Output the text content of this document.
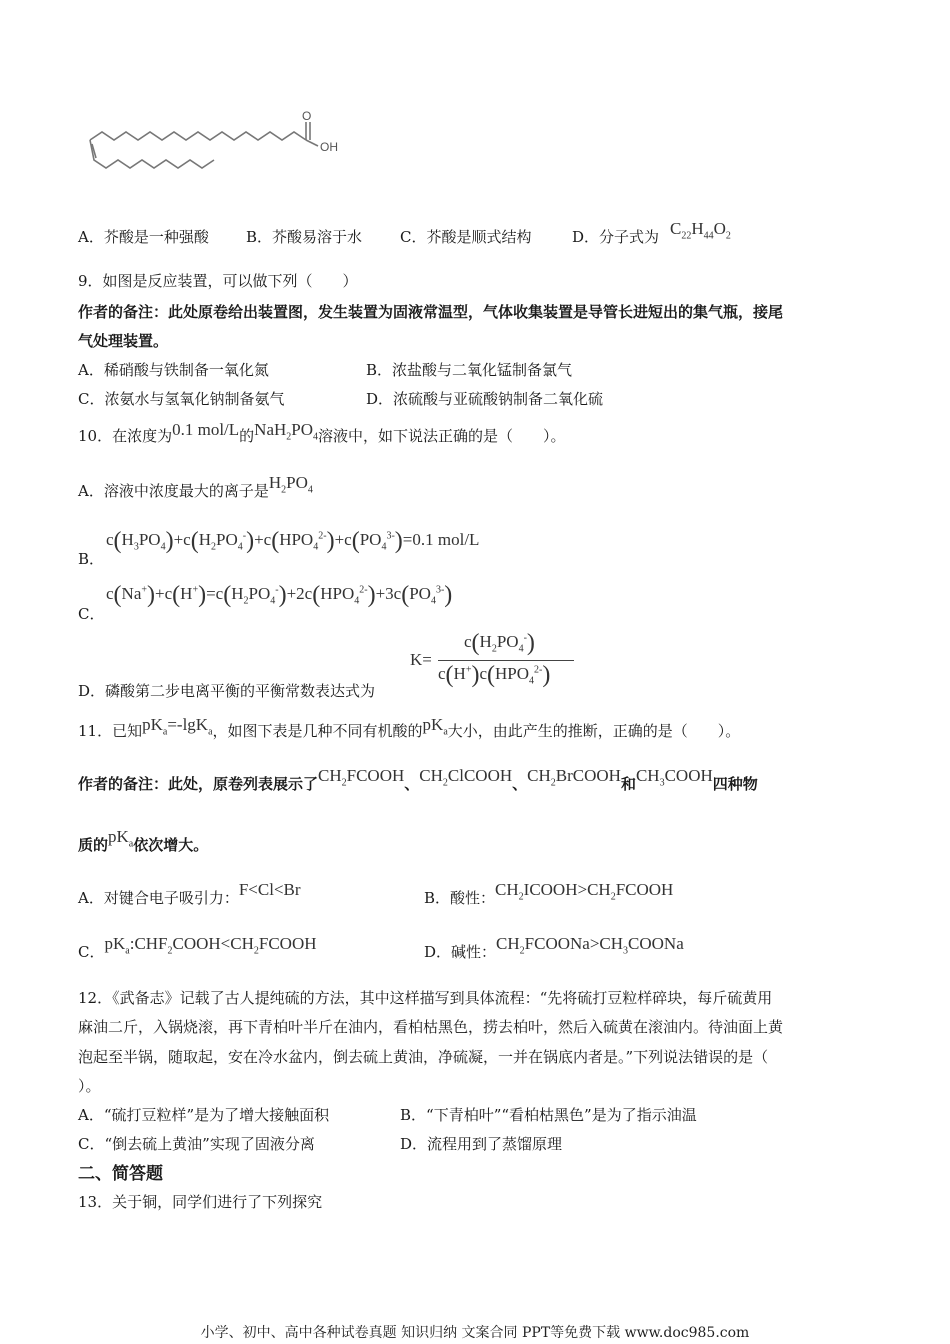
O
OH
A．芥酸是一种强酸 B．芥酸易溶于水	C．芥酸是顺式结构	D．分子式为 $C_{22}H_{44}O_2$
9．如图是反应装置，可以做下列（　　）
作者的备注：此处原卷给出装置图，发生装置为固液常温型，气体收集装置是导管长进短出的集气瓶，接尾
气处理装置。
A．稀硝酸与铁制备一氧化氮	B．浓盐酸与二氧化锰制备氯气
C．浓氨水与氢氧化钠制备氨气	D．浓硫酸与亚硫酸钠制备二氧化硫
10．在浓度为0.1 mol/L的$NaH_2PO_4$溶液中，如下说法正确的是（　　）。
A．溶液中浓度最大的离子是$H_2PO_4$
B．
$c(H_3PO_4)+c(H_2PO_4^-)+c(HPO_4^{2-})+c(PO_4^{3-})=0.1$ mol/L
C．
$c(Na^+)+c(H^+)=c(H_2PO_4^-)+2c(HPO_4^{2-})+3c(PO_4^{3-})$
D．磷酸第二步电离平衡的平衡常数表达式为
K=
$c(H_2PO_4^-)$
$c(H^+)c(HPO_4^{2-})$
11．已知$pK_a=-\lg K_a$，如图下表是几种不同有机酸的$pK_a$大小，由此产生的推断，正确的是（　　）。
作者的备注：此处，原卷列表展示了$CH_2FCOOH$、$CH_2ClCOOH$、$CH_2BrCOOH$和$CH_3COOH$四种物
质的$pK_a$依次增大。
A．对键合电子吸引力：F<Cl<Br	B．酸性：$CH_2ICOOH>CH_2FCOOH$
C．$pK_a:CHF_2COOH<CH_2FCOOH$	D．碱性：$CH_2FCOONa>CH_3COONa$
12．《武备志》记载了古人提纯硫的方法，其中这样描写到具体流程：“先将硫打豆粒样碎块，每斤硫黄用
麻油二斤，入锅烧滚，再下青柏叶半斤在油内，看柏枯黑色，捞去柏叶，然后入硫黄在滚油内。待油面上黄
泡起至半锅，随取起，安在冷水盆内，倒去硫上黄油，净硫凝，一并在锅底内者是。”下列说法错误的是（
）。
A．“硫打豆粒样”是为了增大接触面积	B．“下青柏叶”“看柏枯黑色”是为了指示油温
C．“倒去硫上黄油”实现了固液分离	D．流程用到了蒸馏原理
二、简答题
13．关于铜，同学们进行了下列探究
小学、初中、高中各种试卷真题 知识归纳 文案合同 PPT等免费下载 www.doc985.com
